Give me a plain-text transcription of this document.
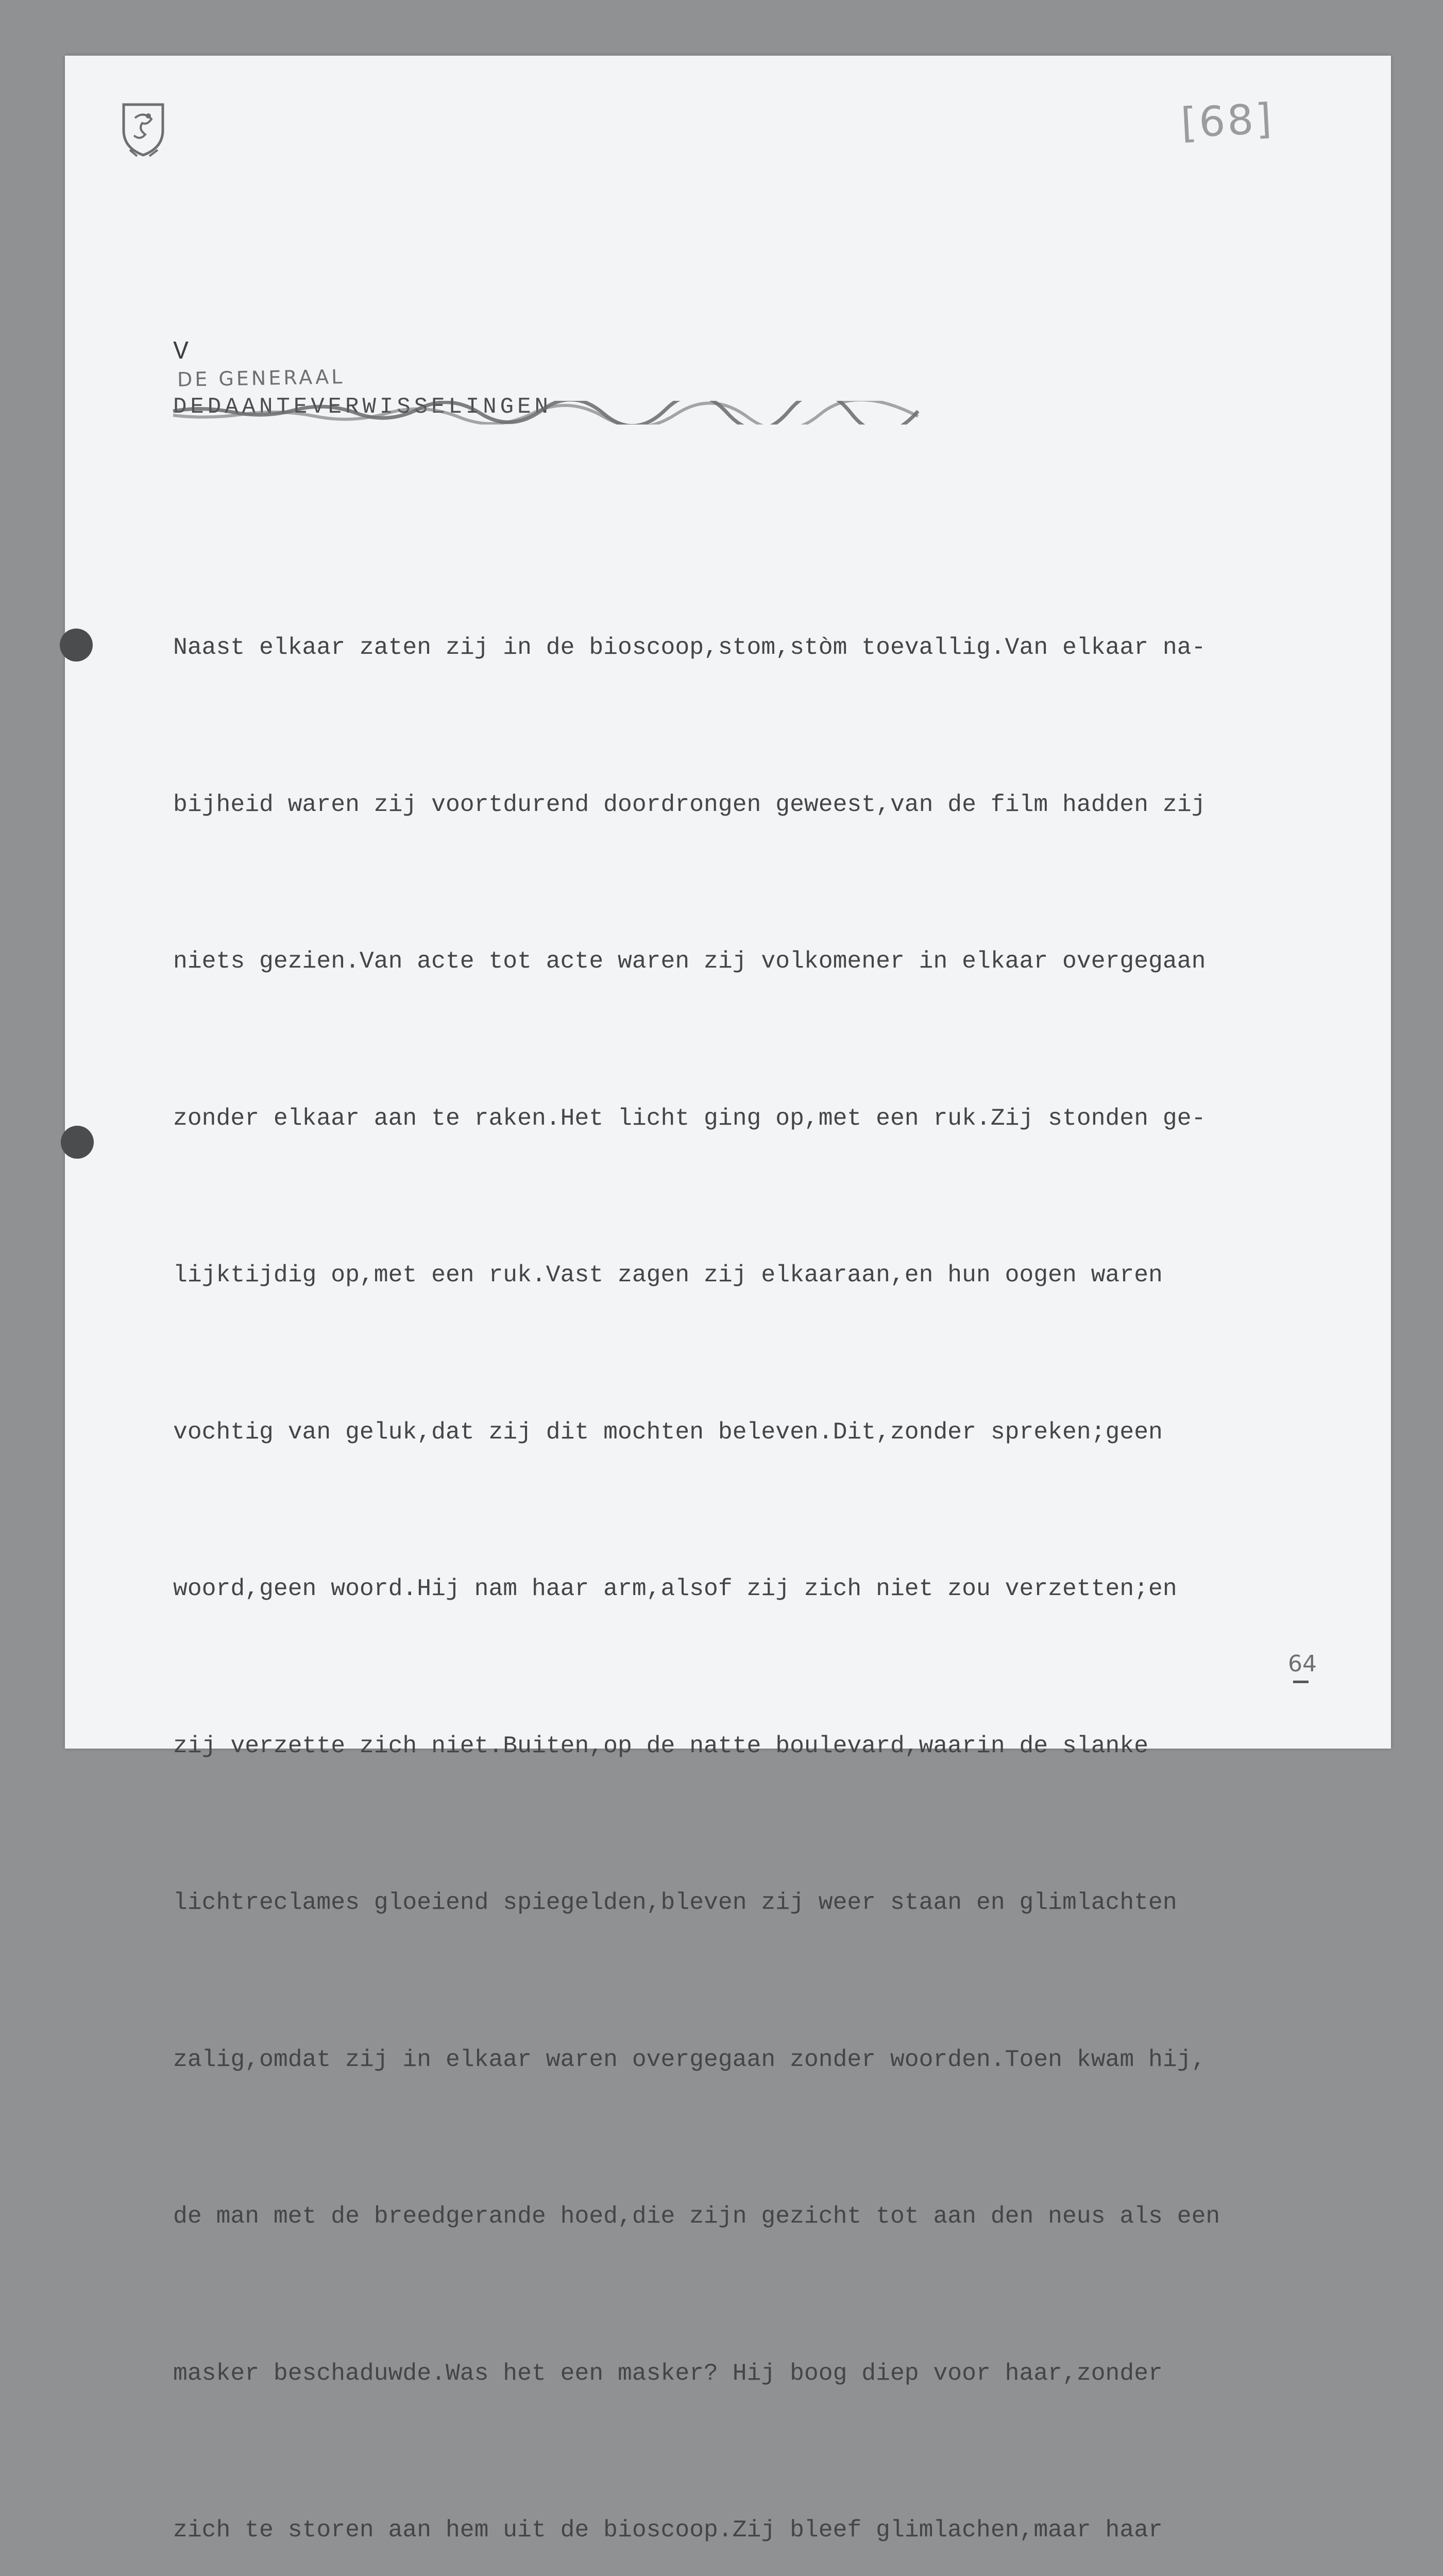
[68]
V
DE GENERAAL
DEDAANTEVERWISSELINGEN

Naast elkaar zaten zij in de bioscoop,stom,stòm toevallig.Van elkaar na-

bijheid waren zij voortdurend doordrongen geweest,van de film hadden zij

niets gezien.Van acte tot acte waren zij volkomener in elkaar overgegaan

zonder elkaar aan te raken.Het licht ging op,met een ruk.Zij stonden ge-

lijktijdig op,met een ruk.Vast zagen zij elkaaraan,en hun oogen waren

vochtig van geluk,dat zij dit mochten beleven.Dit,zonder spreken;geen

woord,geen woord.Hij nam haar arm,alsof zij zich niet zou verzetten;en

zij verzette zich niet.Buiten,op de natte boulevard,waarin de slanke

lichtreclames gloeiend spiegelden,bleven zij weer staan en glimlachten

zalig,omdat zij in elkaar waren overgegaan zonder woorden.Toen kwam hij,

de man met de breedgerande hoed,die zijn gezicht tot aan den neus als een

masker beschaduwde.Was het een masker? Hij boog diep voor haar,zonder

zich te storen aan hem uit de bioscoop.Zij bleef glimlachen,maar haar

64
